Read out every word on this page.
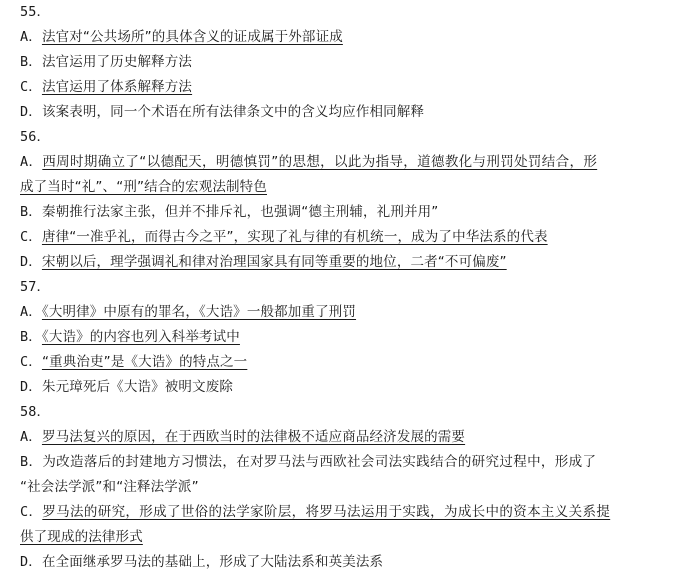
55．
A．法官对“公共场所”的具体含义的证成属于外部证成
B．法官运用了历史解释方法
C．法官运用了体系解释方法
D．该案表明，同一个术语在所有法律条文中的含义均应作相同解释
56．
A．西周时期确立了“以德配天，明德慎罚”的思想，以此为指导，道德教化与刑罚处罚结合，形
成了当时“礼”、“刑”结合的宏观法制特色
B．秦朝推行法家主张，但并不排斥礼，也强调“德主刑辅，礼刑并用”
C．唐律“一准乎礼，而得古今之平”，实现了礼与律的有机统一，成为了中华法系的代表
D．宋朝以后，理学强调礼和律对治理国家具有同等重要的地位，二者“不可偏废”
57．
A．《大明律》中原有的罪名，《大诰》一般都加重了刑罚
B．《大诰》的内容也列入科举考试中
C．“重典治吏”是《大诰》的特点之一
D．朱元璋死后《大诰》被明文废除
58．
A．罗马法复兴的原因，在于西欧当时的法律极不适应商品经济发展的需要
B．为改造落后的封建地方习惯法，在对罗马法与西欧社会司法实践结合的研究过程中，形成了
“社会法学派”和“注释法学派”
C．罗马法的研究，形成了世俗的法学家阶层，将罗马法运用于实践，为成长中的资本主义关系提
供了现成的法律形式
D．在全面继承罗马法的基础上，形成了大陆法系和英美法系
